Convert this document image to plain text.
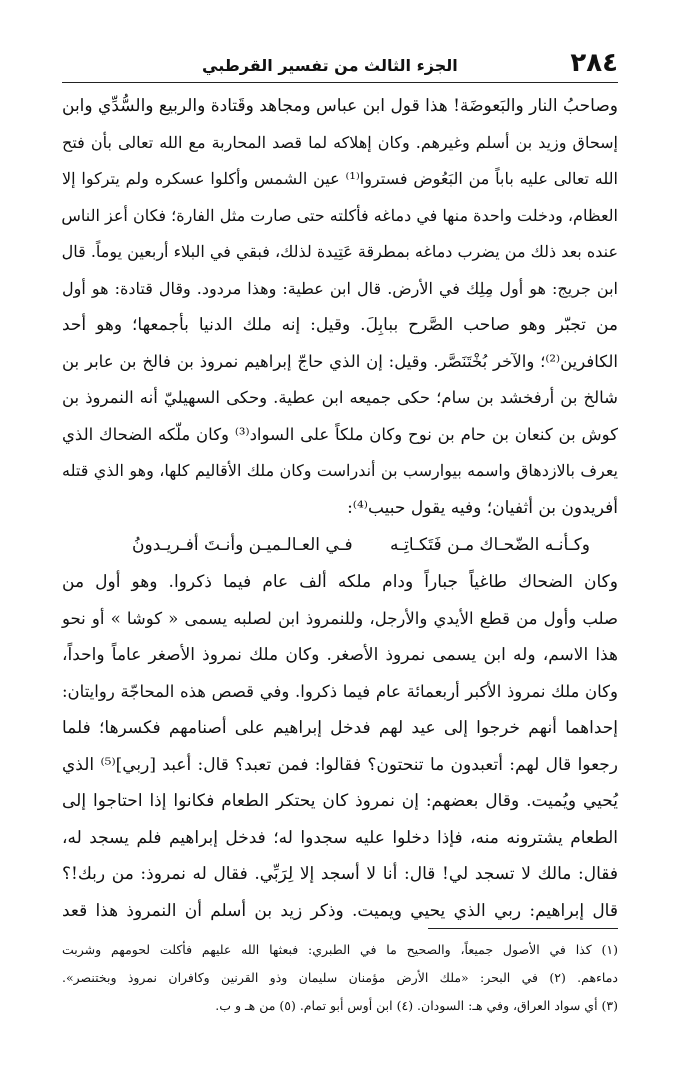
٢٨٤
الجزء الثالث من تفسير القرطبي
وصاحبُ النار والبَعوضَة! هذا قول ابن عباس ومجاهد وقَتادة والربيع والسُّدِّي وابن
إسحاق وزيد بن أسلم وغيرهم. وكان إهلاكه لما قصد المحاربة مع الله تعالى بأن فتح
الله تعالى عليه باباً من البَعُوض فستروا⁽¹⁾ عين الشمس وأكلوا عسكره ولم يتركوا إلا
العظام، ودخلت واحدة منها في دماغه فأكلته حتى صارت مثل الفارة؛ فكان أعز الناس
عنده بعد ذلك من يضرب دماغه بمطرقة عَتِيدة لذلك، فبقي في البلاء أربعين يوماً. قال
ابن جريج: هو أول مِلِك في الأرض. قال ابن عطية: وهذا مردود. وقال قتادة: هو أول
من تجبّر وهو صاحب الصَّرح ببابِلَ. وقيل: إنه ملك الدنيا بأجمعها؛ وهو أحد
الكافرين⁽²⁾؛ والآخر بُخْتَنَصَّر. وقيل: إن الذي حاجّ إبراهيم نمروذ بن فالخ بن عابر بن
شالخ بن أرفخشد بن سام؛ حكى جميعه ابن عطية. وحكى السهيليّ أنه النمروذ بن
كوش بن كنعان بن حام بن نوح وكان ملكاً على السواد⁽³⁾ وكان ملّكه الضحاك الذي
يعرف بالازدهاق واسمه بيوارسب بن أندراست وكان ملك الأقاليم كلها، وهو الذي قتله
أفريدون بن أثفيان؛ وفيه يقول حبيب⁽⁴⁾:
وكـأنـه الضّحـاك مـن فَتَكـاتِـه
فـي العـالـميـن وأنـتَ أفـريـدونُ
وكان الضحاك طاغياً جباراً ودام ملكه ألف عام فيما ذكروا. وهو أول من
صلب وأول من قطع الأيدي والأرجل، وللنمروذ ابن لصلبه يسمى « كوشا » أو نحو
هذا الاسم، وله ابن يسمى نمروذ الأصغر. وكان ملك نمروذ الأصغر عاماً واحداً،
وكان ملك نمروذ الأكبر أربعمائة عام فيما ذكروا. وفي قصص هذه المحاجّة روايتان:
إحداهما أنهم خرجوا إلى عيد لهم فدخل إبراهيم على أصنامهم فكسرها؛ فلما
رجعوا قال لهم: أتعبدون ما تنحتون؟ فقالوا: فمن تعبد؟ قال: أعبد [ربي]⁽⁵⁾ الذي
يُحيي ويُميت. وقال بعضهم: إن نمروذ كان يحتكر الطعام فكانوا إذا احتاجوا إلى
الطعام يشترونه منه، فإذا دخلوا عليه سجدوا له؛ فدخل إبراهيم فلم يسجد له،
فقال: مالك لا تسجد لي! قال: أنا لا أسجد إلا لِرَبِّي. فقال له نمروذ: من ربك!؟
قال إبراهيم: ربي الذي يحيي ويميت. وذكر زيد بن أسلم أن النمروذ هذا قعد
(١) كذا في الأصول جميعاً، والصحيح ما في الطبري: فبعثها الله عليهم فأكلت لحومهم وشربت
دماءهم. (٢) في البحر: «ملك الأرض مؤمنان سليمان وذو القرنين وكافران نمروذ وبختنصر».
(٣) أي سواد العراق، وفي هـ: السودان. (٤) ابن أوس أبو تمام. (٥) من هـ و ب.
